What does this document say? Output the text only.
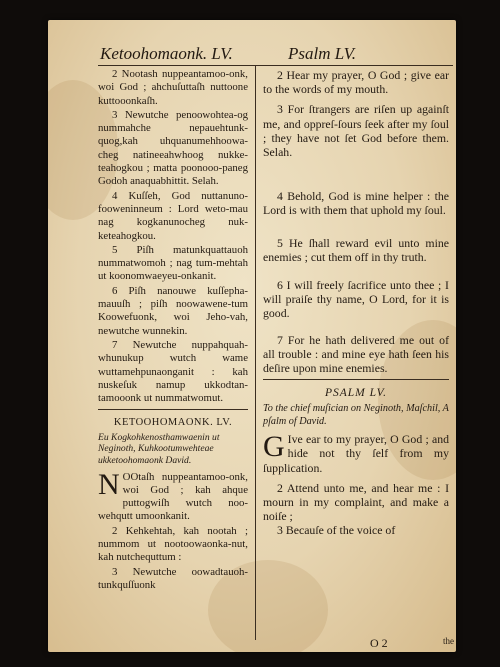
Ketoohomaonk. LV.	Psalm LV.

2 Nootash nuppeantamoo-onk, woi God ; ahchuſuttaſh nuttoone kuttooonkaſh.

3 Newutche penoowohtea-og nummahche nepauehtunk-quog,kah uhquanumehhoowa-cheg natineeahwhoog nukke-teahogkou ; matta poonooo-paneg Godoh anaquabhittit. Selah.

4 Kuſſeh, God nuttanuno-fooweninneum : Lord weto-mau nag kogkanunocheg nuk-keteahogkou.

5 Piſh matunkquattauoh nummatwomoh ; nag tum-mehtah ut koonomwaeyeu-onkanit.

6 Piſh nanouwe kuſſepha-mauuſh ; piſh noowawene-tum Koowefuonk, woi Jeho-vah, newutche wunnekin.

7 Newutche nuppahquah-whunukup wutch wame wuttamehpunaonganit : kah nuskeſuk namup ukkodtan-tamooonk ut nummatwomut.

KETOOHOMAONK. LV.
Eu Kogkohkenosthamwaenin ut Neginoth, Kuhkootumwehteae ukketoohomaonk David.

N OOtaſh nuppeantamoo-onk, woi God ; kah ahque puttogwiſh wutch noo-wehqutt umoonkanit.

2 Kehkehtah, kah nootah ; nummom ut nootoowaonka-nut, kah nutchequttum :

3 Newutche oowadtauoh-tunkquſſuonk

2 Hear my prayer, O God ; give ear to the words of my mouth.

3 For ſtrangers are riſen up againſt me, and oppreſ-ſours ſeek after my ſoul ; they have not ſet God before them. Selah.

4 Behold, God is mine helper : the Lord is with them that uphold my ſoul.

5 He ſhall reward evil unto mine enemies ; cut them off in thy truth.

6 I will freely ſacrifice unto thee ; I will praiſe thy name, O Lord, for it is good.

7 For he hath delivered me out of all trouble : and mine eye hath ſeen his deſire upon mine enemies.

PSALM LV.
To the chief muſician on Neginoth, Maſchil, A pſalm of David.

G Ive ear to my prayer, O God ; and hide not thy ſelf from my ſupplication.

2 Attend unto me, and hear me : I mourn in my complaint, and make a noiſe ;

3 Becauſe of the voice of

O 2	the
